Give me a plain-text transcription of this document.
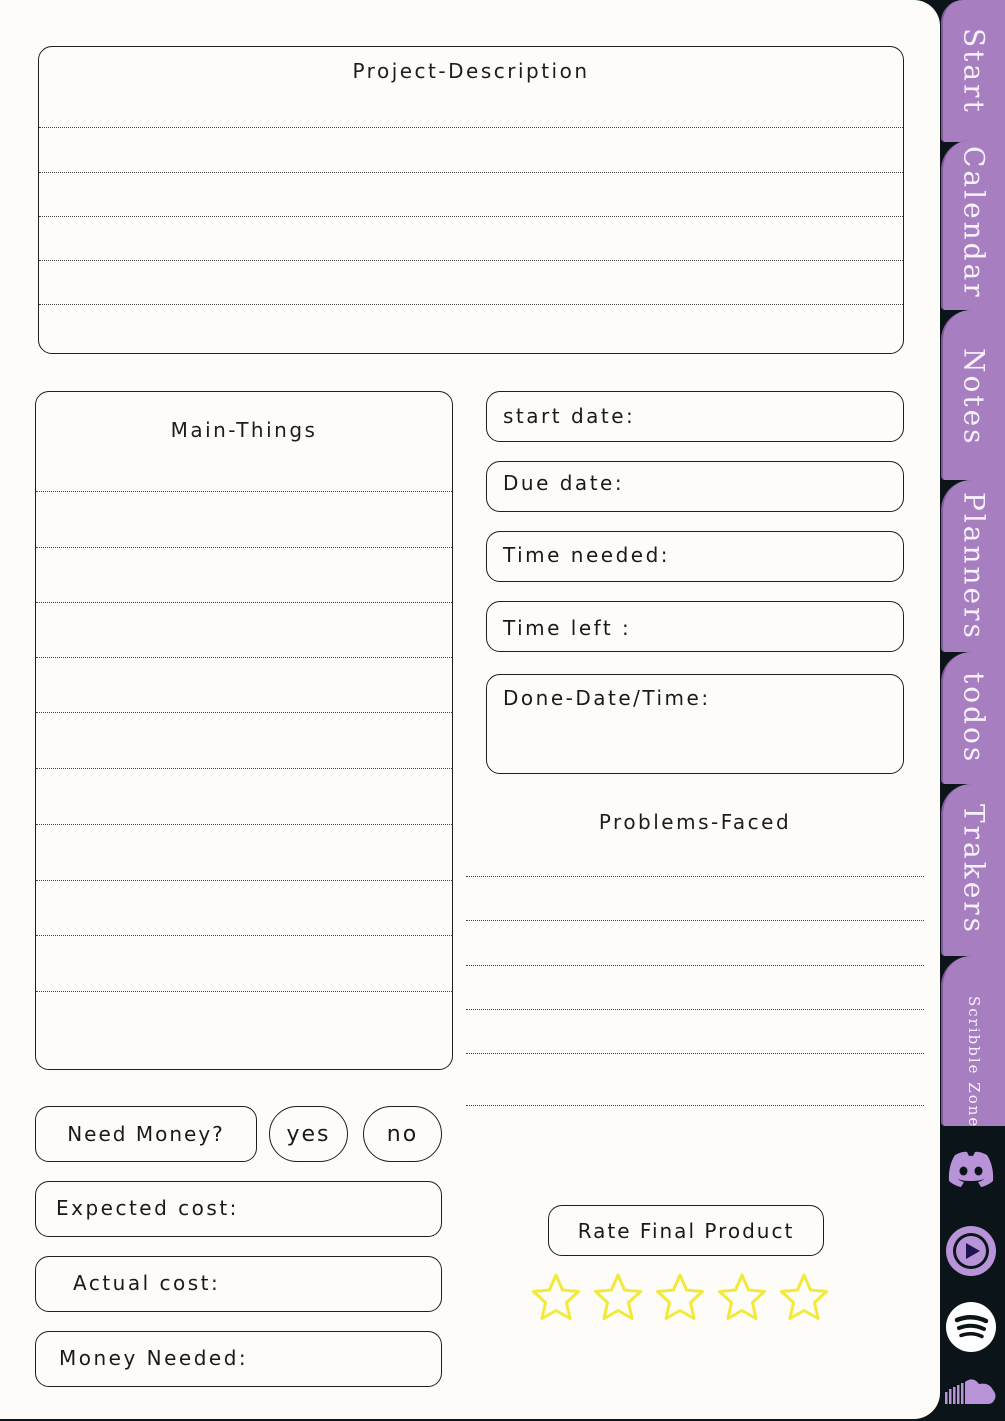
Project-Description
Main-Things
start date:
Due date:
Time needed:
Time left :
Done-Date/Time:
Problems-Faced
Need Money?	yes	no
Expected cost:
Actual cost:
Money Needed:
Rate Final Product
Start
Calendar
Notes
Planners
todos
Trakers
Scribble Zone
